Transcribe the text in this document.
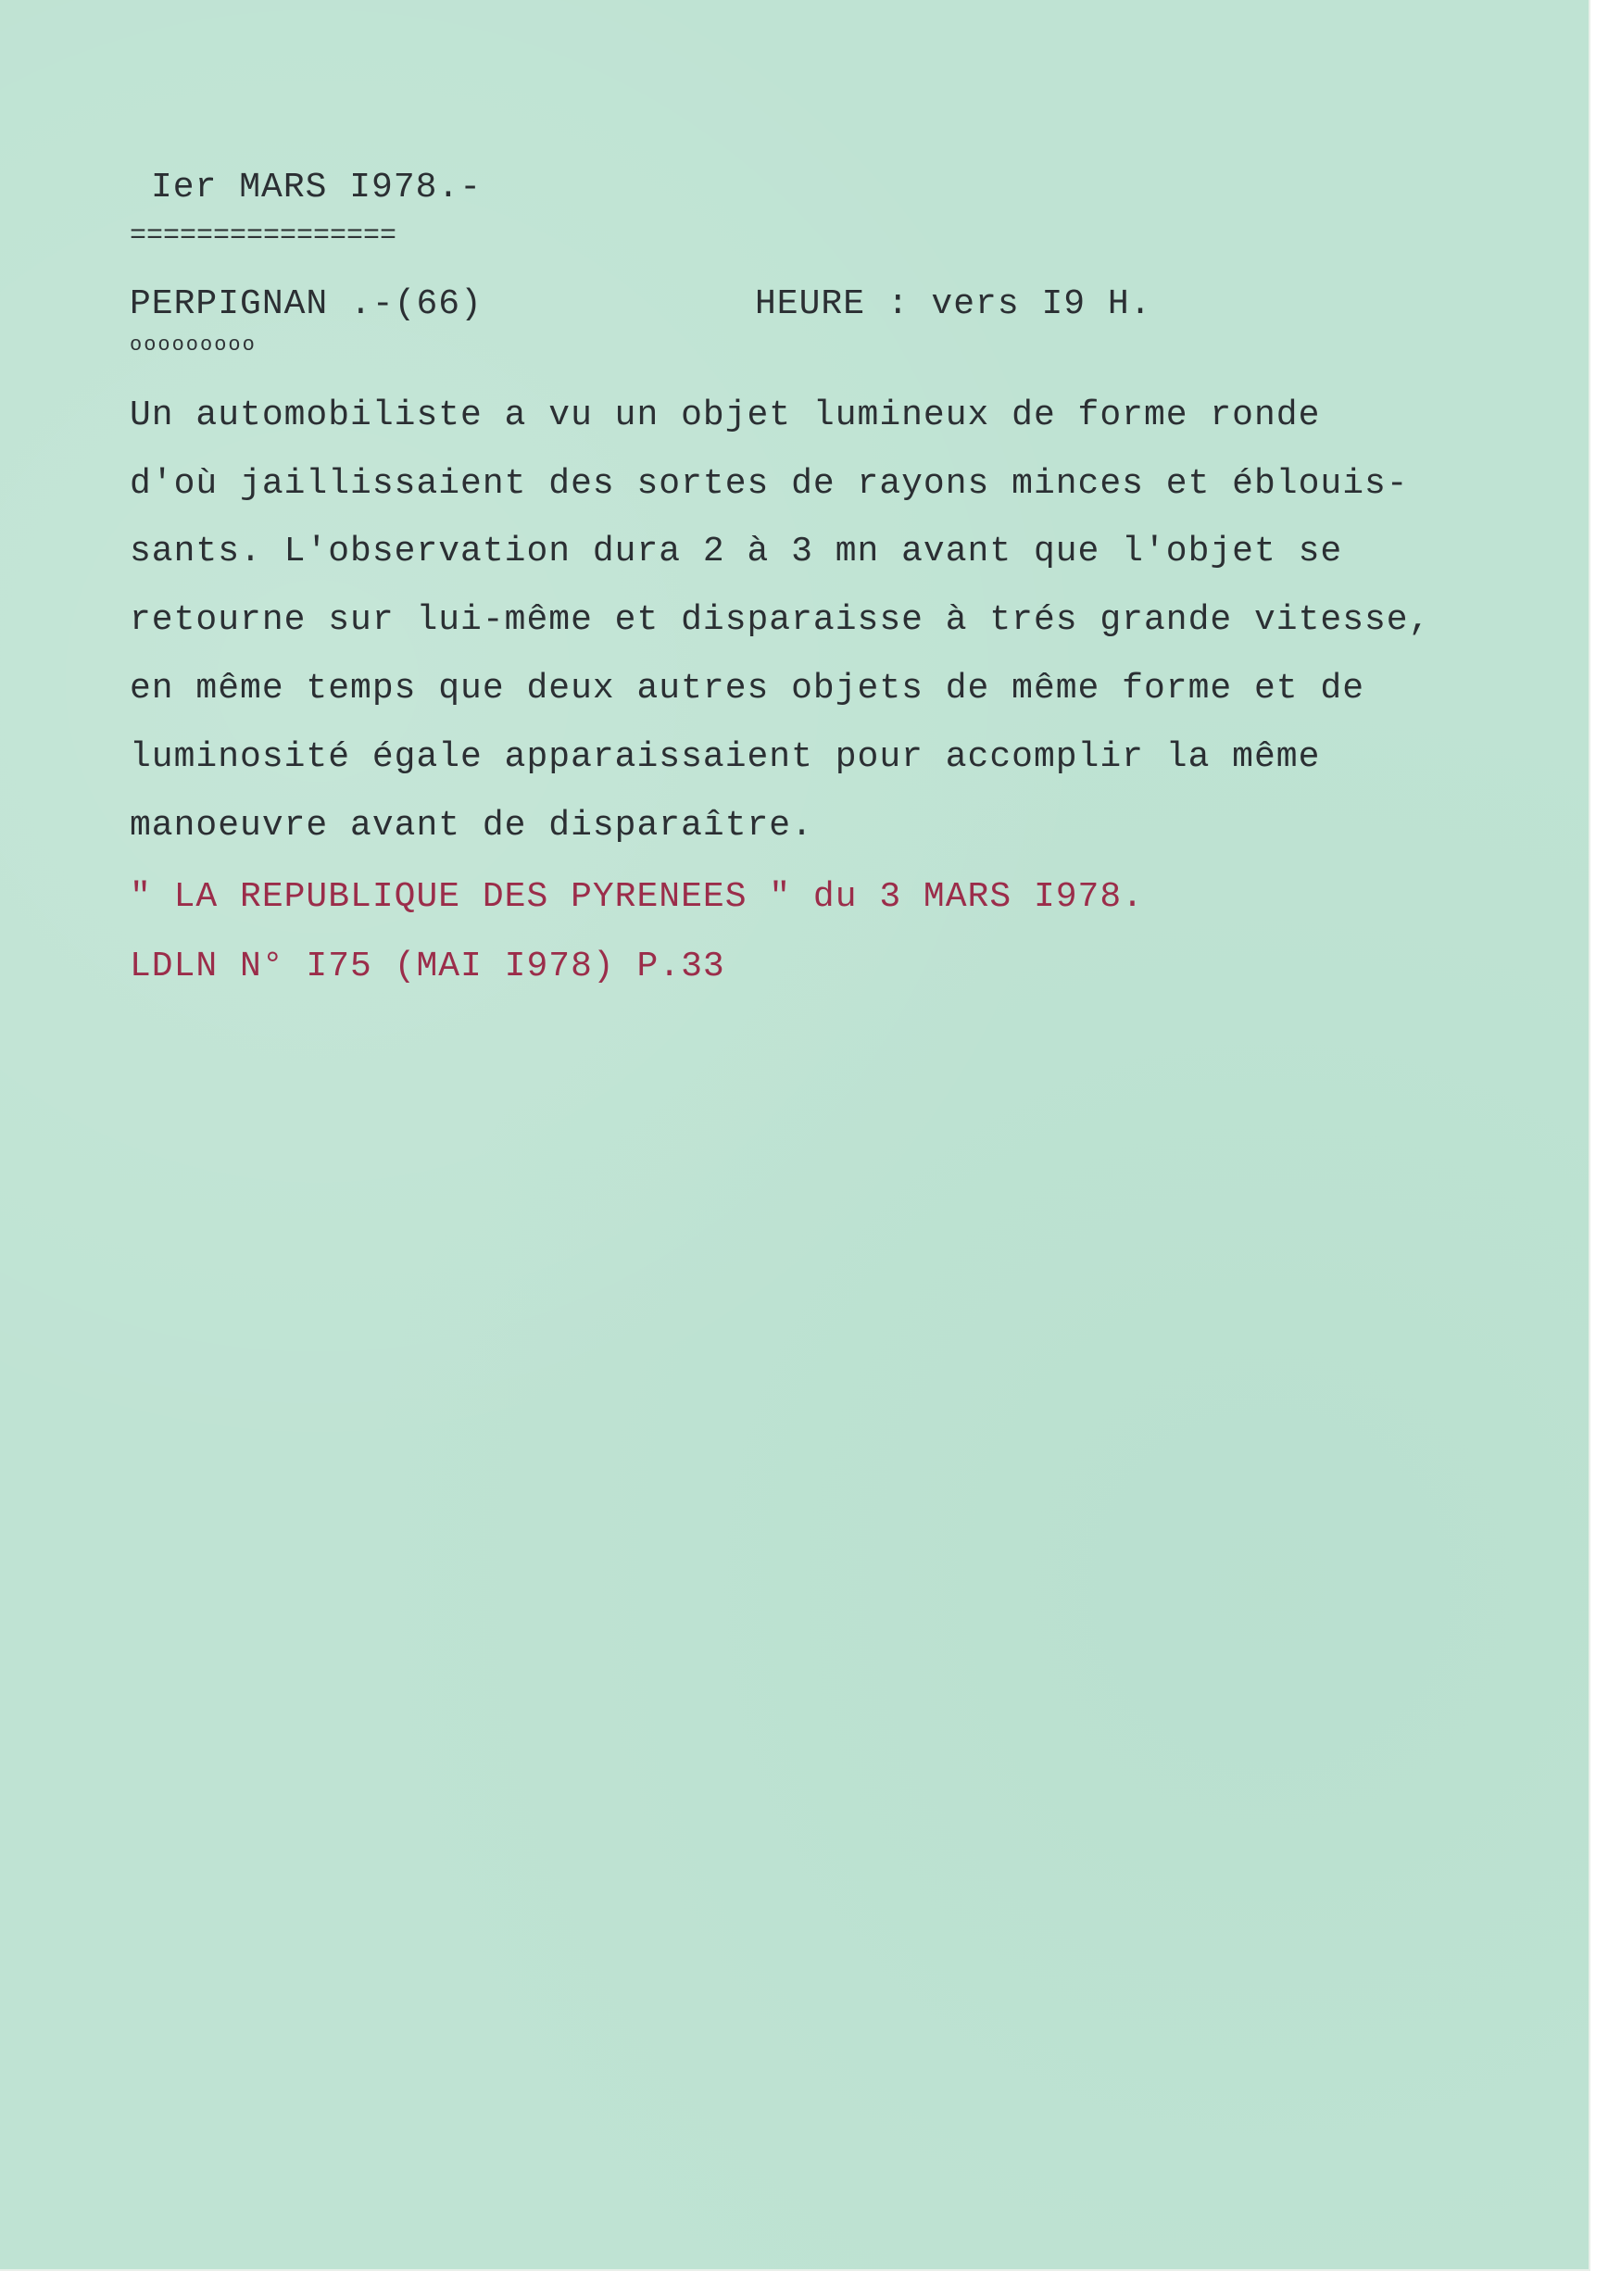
Ier MARS I978.-
================
PERPIGNAN .-(66)
ooooooooo
HEURE : vers I9 H.
Un automobiliste a vu un objet lumineux de forme ronde
d'où jaillissaient des sortes de rayons minces et éblouis-
sants. L'observation dura 2 à 3 mn avant que l'objet se
retourne sur lui-même et disparaisse à trés grande vitesse,
en même temps que deux autres objets de même forme et de
luminosité égale apparaissaient pour accomplir la même
manoeuvre avant de disparaître.
" LA REPUBLIQUE DES PYRENEES " du 3 MARS I978.
LDLN N° I75 (MAI I978) P.33
